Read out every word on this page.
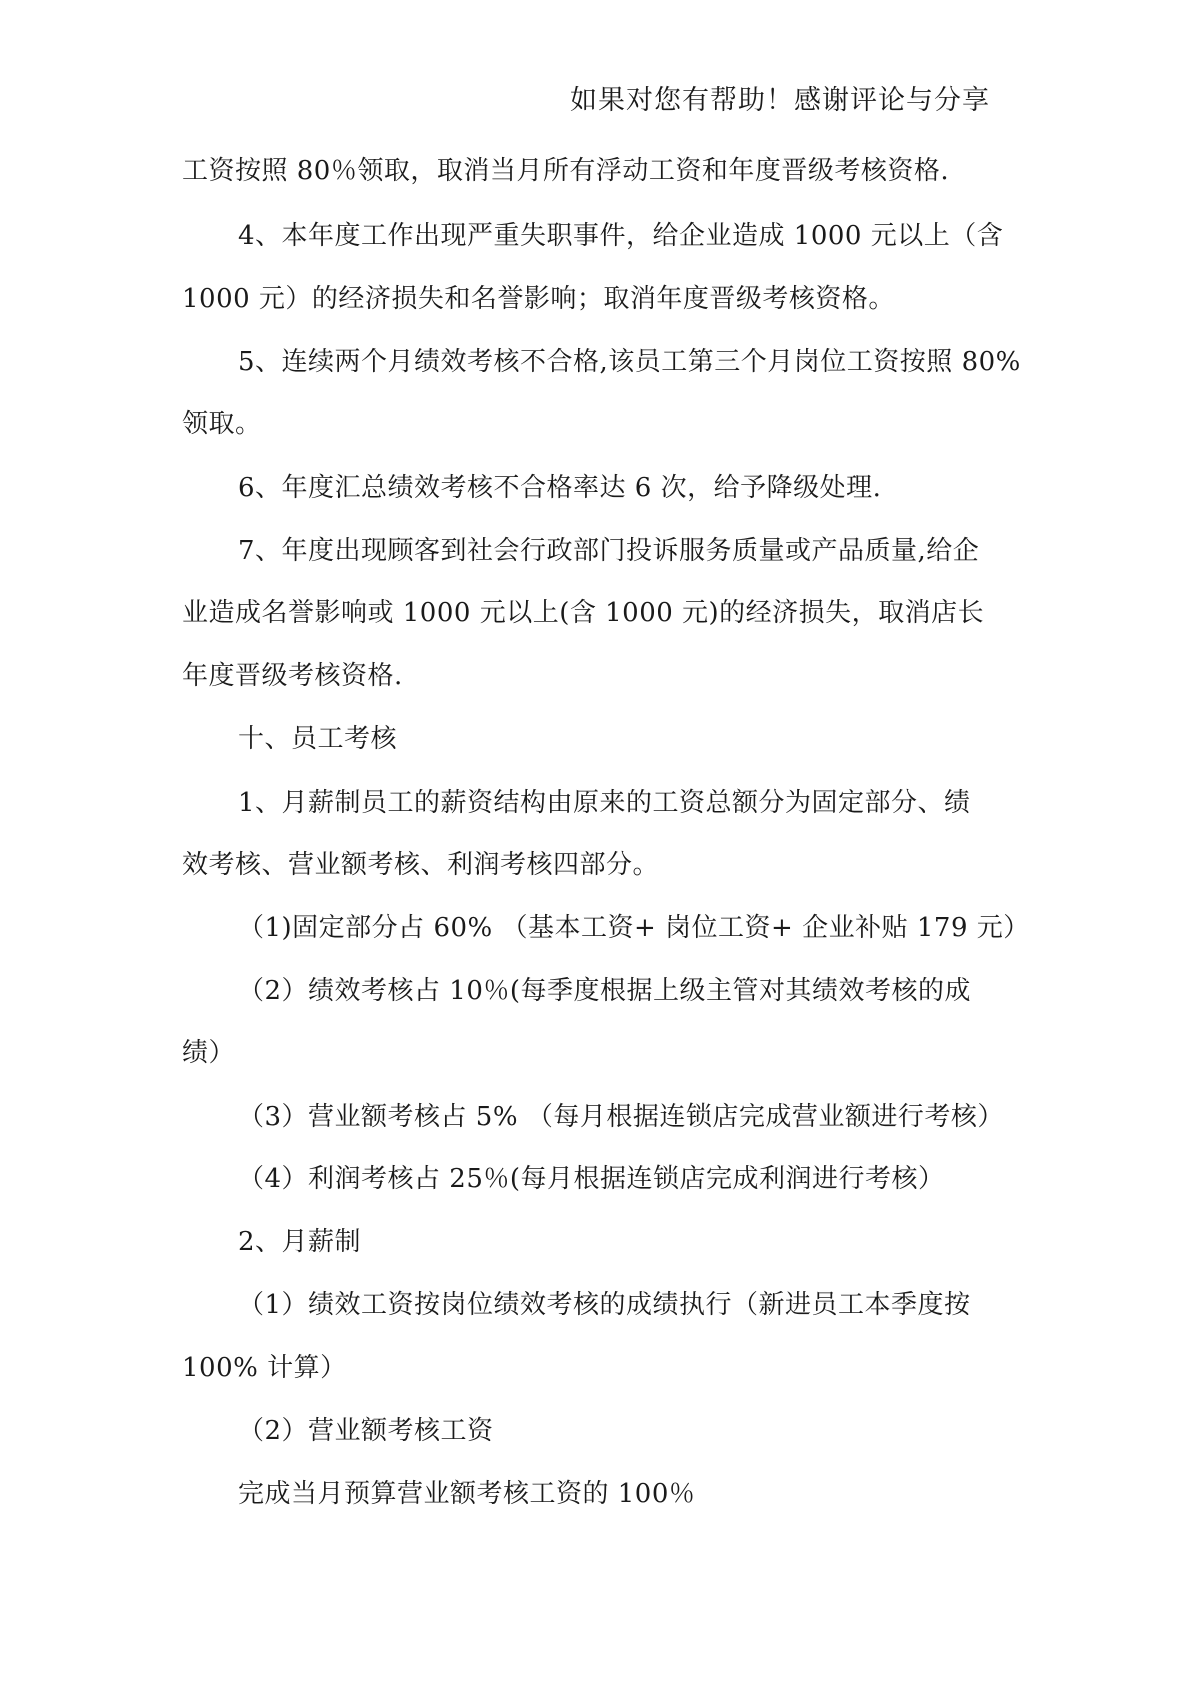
如果对您有帮助！感谢评论与分享
工资按照 80％领取，取消当月所有浮动工资和年度晋级考核资格.
4、本年度工作出现严重失职事件，给企业造成 1000 元以上（含
1000 元）的经济损失和名誉影响；取消年度晋级考核资格。
5、连续两个月绩效考核不合格,该员工第三个月岗位工资按照 80%
领取。
6、年度汇总绩效考核不合格率达 6 次，给予降级处理.
7、年度出现顾客到社会行政部门投诉服务质量或产品质量,给企
业造成名誉影响或 1000 元以上(含 1000 元)的经济损失，取消店长
年度晋级考核资格.
十、员工考核
1、月薪制员工的薪资结构由原来的工资总额分为固定部分、绩
效考核、营业额考核、利润考核四部分。
（1)固定部分占 60% （基本工资+ 岗位工资+ 企业补贴 179 元）
（2）绩效考核占 10％(每季度根据上级主管对其绩效考核的成
绩）
（3）营业额考核占 5% （每月根据连锁店完成营业额进行考核）
（4）利润考核占 25％(每月根据连锁店完成利润进行考核）
2、月薪制
（1）绩效工资按岗位绩效考核的成绩执行（新进员工本季度按
100% 计算）
（2）营业额考核工资
完成当月预算营业额考核工资的 100％
